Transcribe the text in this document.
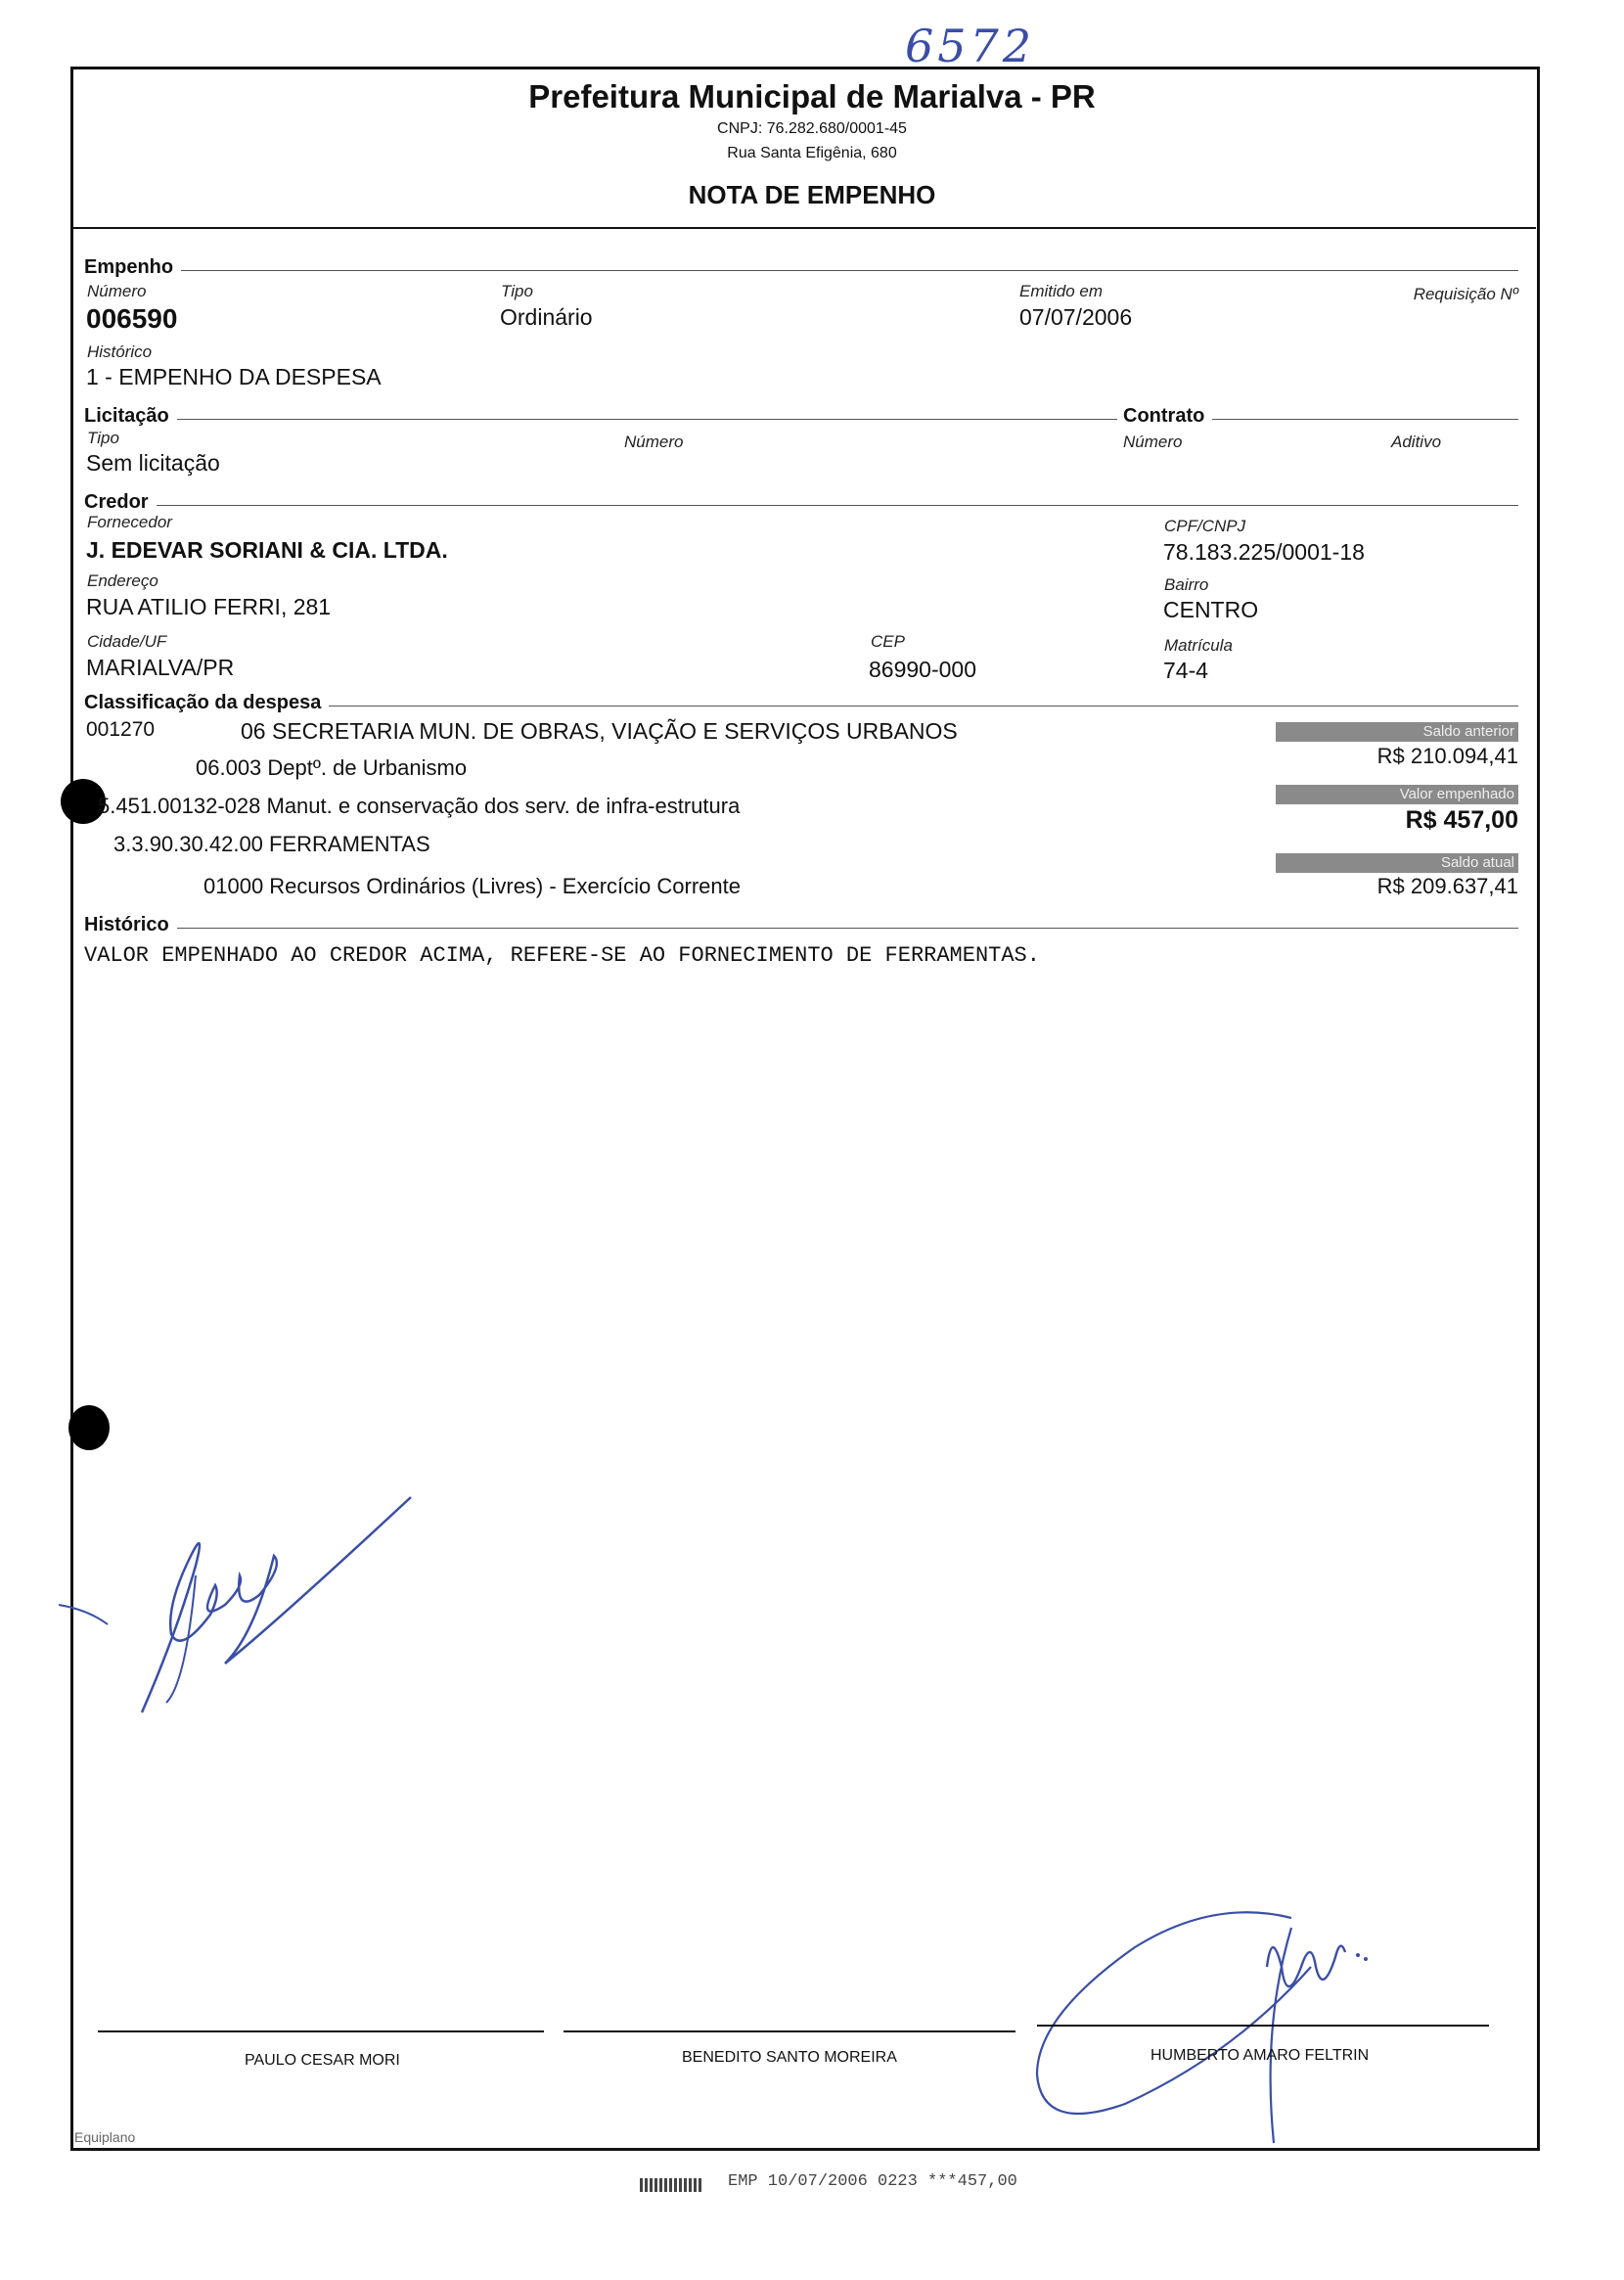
6572
Prefeitura Municipal de Marialva - PR
CNPJ: 76.282.680/0001-45
Rua Santa Efigênia, 680
NOTA DE EMPENHO
Empenho
Número
006590
Tipo
Ordinário
Emitido em
07/07/2006
Requisição Nº
Histórico
1 - EMPENHO DA DESPESA
Licitação	Contrato
Tipo
Sem licitação
Número	Número	Aditivo
Credor
Fornecedor
J. EDEVAR SORIANI & CIA. LTDA.
CPF/CNPJ
78.183.225/0001-18
Endereço
RUA ATILIO FERRI, 281
Bairro
CENTRO
Cidade/UF
MARIALVA/PR
CEP
86990-000
Matrícula
74-4
Classificação da despesa
001270	06 SECRETARIA MUN. DE OBRAS, VIAÇÃO E SERVIÇOS URBANOS
06.003 Deptº. de Urbanismo
5.451.00132-028 Manut. e conservação dos serv. de infra-estrutura
3.3.90.30.42.00 FERRAMENTAS
01000 Recursos Ordinários (Livres) - Exercício Corrente
Saldo anterior
R$ 210.094,41
Valor empenhado
R$ 457,00
Saldo atual
R$ 209.637,41
Histórico
VALOR EMPENHADO AO CREDOR ACIMA, REFERE-SE AO FORNECIMENTO DE FERRAMENTAS.
PAULO CESAR MORI	BENEDITO SANTO MOREIRA	HUMBERTO AMARO FELTRIN
Equiplano
EMP 10/07/2006 0223 ***457,00
